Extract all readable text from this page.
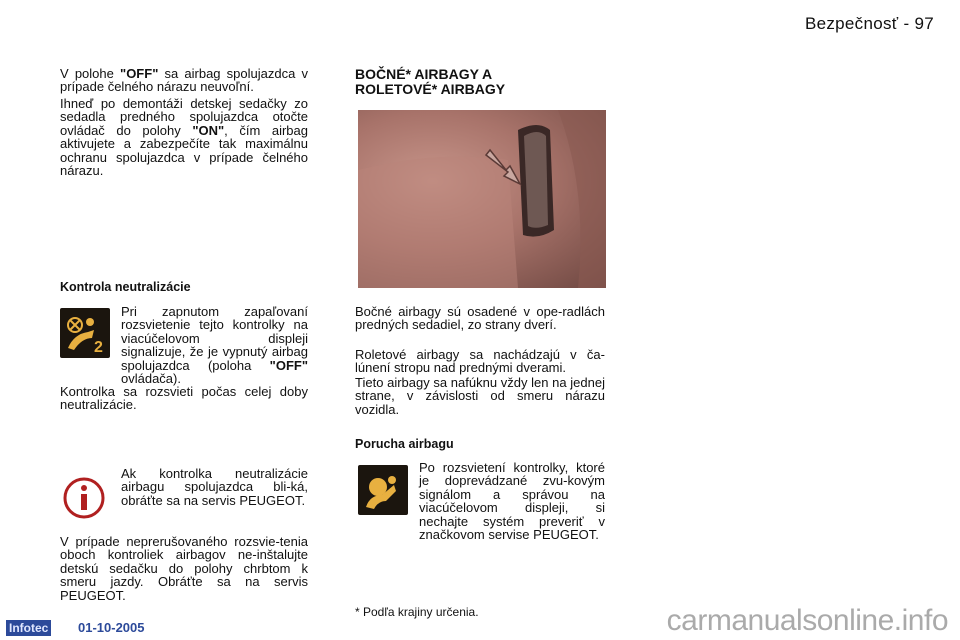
Bezpečnosť - 97

V polohe "OFF" sa airbag spolujazdca v prípade čelného nárazu neuvoľní.

Ihneď po demontáži detskej sedačky zo sedadla predného spolujazdca otočte ovládač do polohy "ON", čím airbag aktivujete a zabezpečíte tak maximálnu ochranu spolujazdca v prípade čelného nárazu.

Kontrola neutralizácie
2

Pri zapnutom zapaľovaní rozsvietenie tejto kontrolky na viacúčelovom displeji signalizuje, že je vypnutý airbag spolujazdca (poloha "OFF" ovládača).

Kontrolka sa rozsvieti počas celej doby neutralizácie.

Ak kontrolka neutralizácie airbagu spolujazdca bli-ká, obráťte sa na servis PEUGEOT.

V prípade neprerušovaného rozsvie-tenia oboch kontroliek airbagov ne-inštalujte detskú sedačku do polohy chrbtom k smeru jazdy. Obráťte sa na servis PEUGEOT.

BOČNÉ* AIRBAGY A
ROLETOVÉ* AIRBAGY

Bočné airbagy sú osadené v ope-radlách predných sedadiel, zo strany dverí.

Roletové airbagy sa nachádzajú v ča-lúnení stropu nad prednými dverami.

Tieto airbagy sa nafúknu vždy len na jednej strane, v závislosti od smeru nárazu vozidla.

Porucha airbagu

Po rozsvietení kontrolky, ktoré je doprevádzané zvu-kovým signálom a správou na viacúčelovom displeji, si nechajte systém preveriť v značkovom servise PEUGEOT.

* Podľa krajiny určenia.
Infotec 01-10-2005	carmanualsonline.info
